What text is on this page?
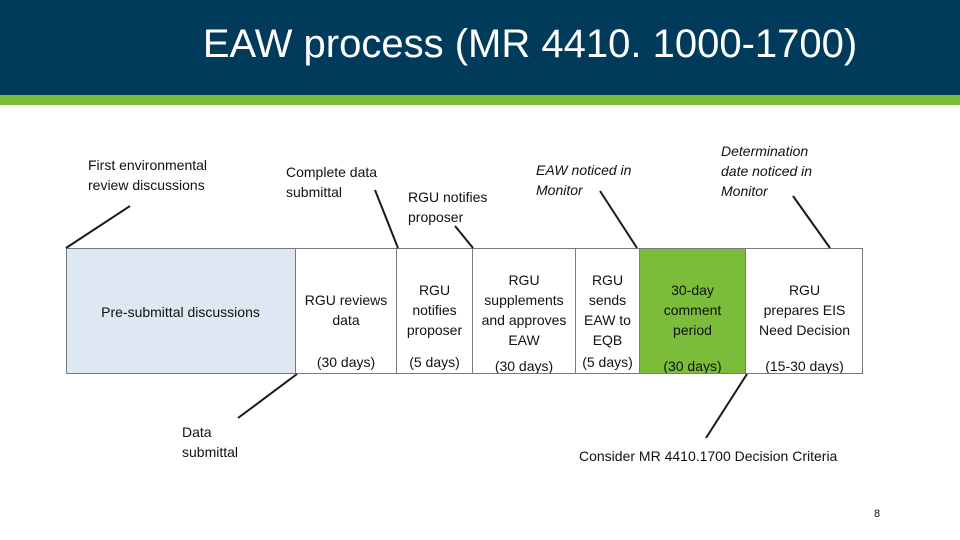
EAW process (MR 4410. 1000-1700)
First environmental
review discussions
Complete data
submittal	RGU notifies
proposer
EAW noticed in
Monitor
Determination
date noticed in
Monitor
Pre-submittal discussions
RGU reviews
data
(30 days)
RGU
notifies
proposer
(5 days)
RGU
supplements
and approves
EAW
(30 days)
RGU
sends
EAW to
EQB
(5 days)
30-day
comment
period
(30 days)
RGU
prepares EIS
Need Decision
(15-30 days)
Data
submittal	Consider MR 4410.1700 Decision Criteria
8
